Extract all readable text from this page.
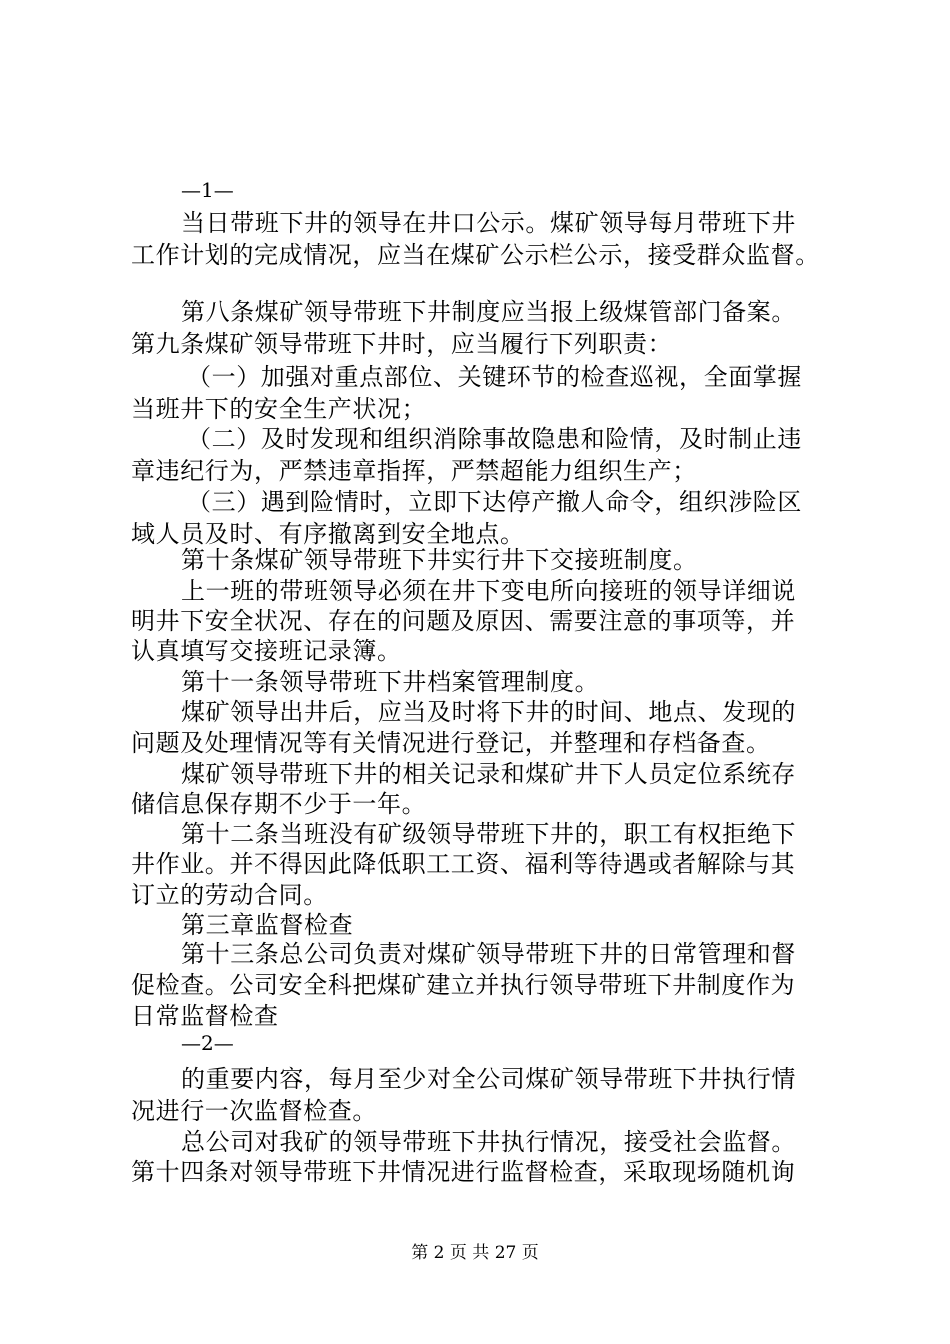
—1—
当日带班下井的领导在井口公示。煤矿领导每月带班下井
工作计划的完成情况，应当在煤矿公示栏公示，接受群众监督。
第八条煤矿领导带班下井制度应当报上级煤管部门备案。
第九条煤矿领导带班下井时，应当履行下列职责：
（一）加强对重点部位、关键环节的检查巡视，全面掌握
当班井下的安全生产状况；
（二）及时发现和组织消除事故隐患和险情，及时制止违
章违纪行为，严禁违章指挥，严禁超能力组织生产；
（三）遇到险情时，立即下达停产撤人命令，组织涉险区
域人员及时、有序撤离到安全地点。
第十条煤矿领导带班下井实行井下交接班制度。
上一班的带班领导必须在井下变电所向接班的领导详细说
明井下安全状况、存在的问题及原因、需要注意的事项等，并
认真填写交接班记录簿。
第十一条领导带班下井档案管理制度。
煤矿领导出井后，应当及时将下井的时间、地点、发现的
问题及处理情况等有关情况进行登记，并整理和存档备查。
煤矿领导带班下井的相关记录和煤矿井下人员定位系统存
储信息保存期不少于一年。
第十二条当班没有矿级领导带班下井的，职工有权拒绝下
井作业。并不得因此降低职工工资、福利等待遇或者解除与其
订立的劳动合同。
第三章监督检查
第十三条总公司负责对煤矿领导带班下井的日常管理和督
促检查。公司安全科把煤矿建立并执行领导带班下井制度作为
日常监督检查
—2—
的重要内容，每月至少对全公司煤矿领导带班下井执行情
况进行一次监督检查。
总公司对我矿的领导带班下井执行情况，接受社会监督。
第十四条对领导带班下井情况进行监督检查，采取现场随机询
第 2 页 共 27 页
